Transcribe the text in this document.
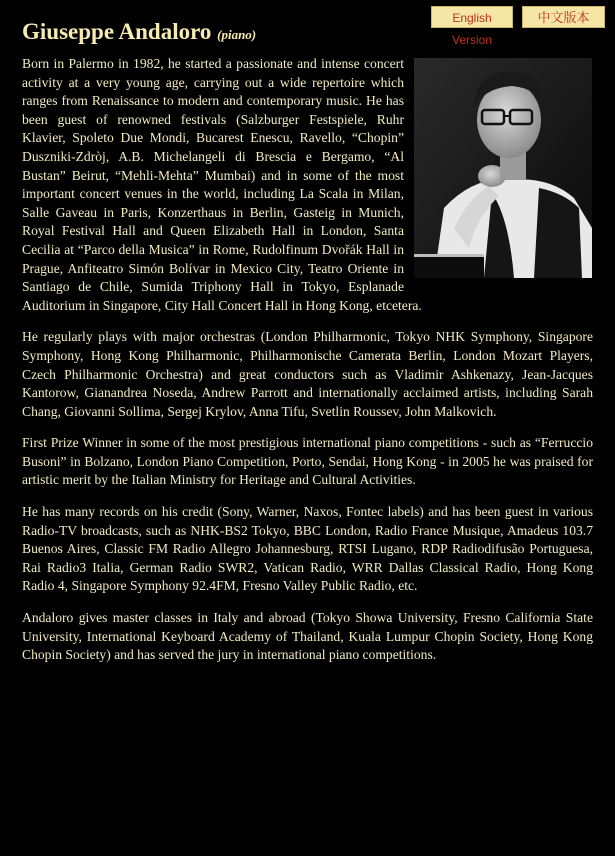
English Version
中文版本
Giuseppe Andaloro (piano)

Born in Palermo in 1982, he started a passionate and intense concert activity at a very young age, carrying out a wide repertoire which ranges from Renaissance to modern and contemporary music. He has been guest of renowned festivals (Salzburger Festspiele, Ruhr Klavier, Spoleto Due Mondi, Bucarest Enescu, Ravello, “Chopin” Duszniki-Zdròj, A.B. Michelangeli di Brescia e Bergamo, “Al Bustan” Beirut, “Mehli-Mehta” Mumbai) and in some of the most important concert venues in the world, including La Scala in Milan, Salle Gaveau in Paris, Konzerthaus in Berlin, Gasteig in Munich, Royal Festival Hall and Queen Elizabeth Hall in London, Santa Cecilia at “Parco della Musica” in Rome, Rudolfinum Dvořák Hall in Prague, Anfiteatro Simón Bolívar in Mexico City, Teatro Oriente in Santiago de Chile, Sumida Triphony Hall in Tokyo, Esplanade Auditorium in Singapore, City Hall Concert Hall in Hong Kong, etcetera.

He regularly plays with major orchestras (London Philharmonic, Tokyo NHK Symphony, Singapore Symphony, Hong Kong Philharmonic, Philharmonische Camerata Berlin, London Mozart Players, Czech Philharmonic Orchestra) and great conductors such as Vladimir Ashkenazy, Jean-Jacques Kantorow, Gianandrea Noseda, Andrew Parrott and internationally acclaimed artists, including Sarah Chang, Giovanni Sollima, Sergej Krylov, Anna Tifu, Svetlin Roussev, John Malkovich.

First Prize Winner in some of the most prestigious international piano competitions - such as “Ferruccio Busoni” in Bolzano, London Piano Competition, Porto, Sendai, Hong Kong - in 2005 he was praised for artistic merit by the Italian Ministry for Heritage and Cultural Activities.

He has many records on his credit (Sony, Warner, Naxos, Fontec labels) and has been guest in various Radio-TV broadcasts, such as NHK-BS2 Tokyo, BBC London, Radio France Musique, Amadeus 103.7 Buenos Aires, Classic FM Radio Allegro Johannesburg, RTSI Lugano, RDP Radiodifusão Portuguesa, Rai Radio3 Italia, German Radio SWR2, Vatican Radio, WRR Dallas Classical Radio, Hong Kong Radio 4, Singapore Symphony 92.4FM, Fresno Valley Public Radio, etc.

Andaloro gives master classes in Italy and abroad (Tokyo Showa University, Fresno California State University, International Keyboard Academy of Thailand, Kuala Lumpur Chopin Society, Hong Kong Chopin Society) and has served the jury in international piano competitions.
